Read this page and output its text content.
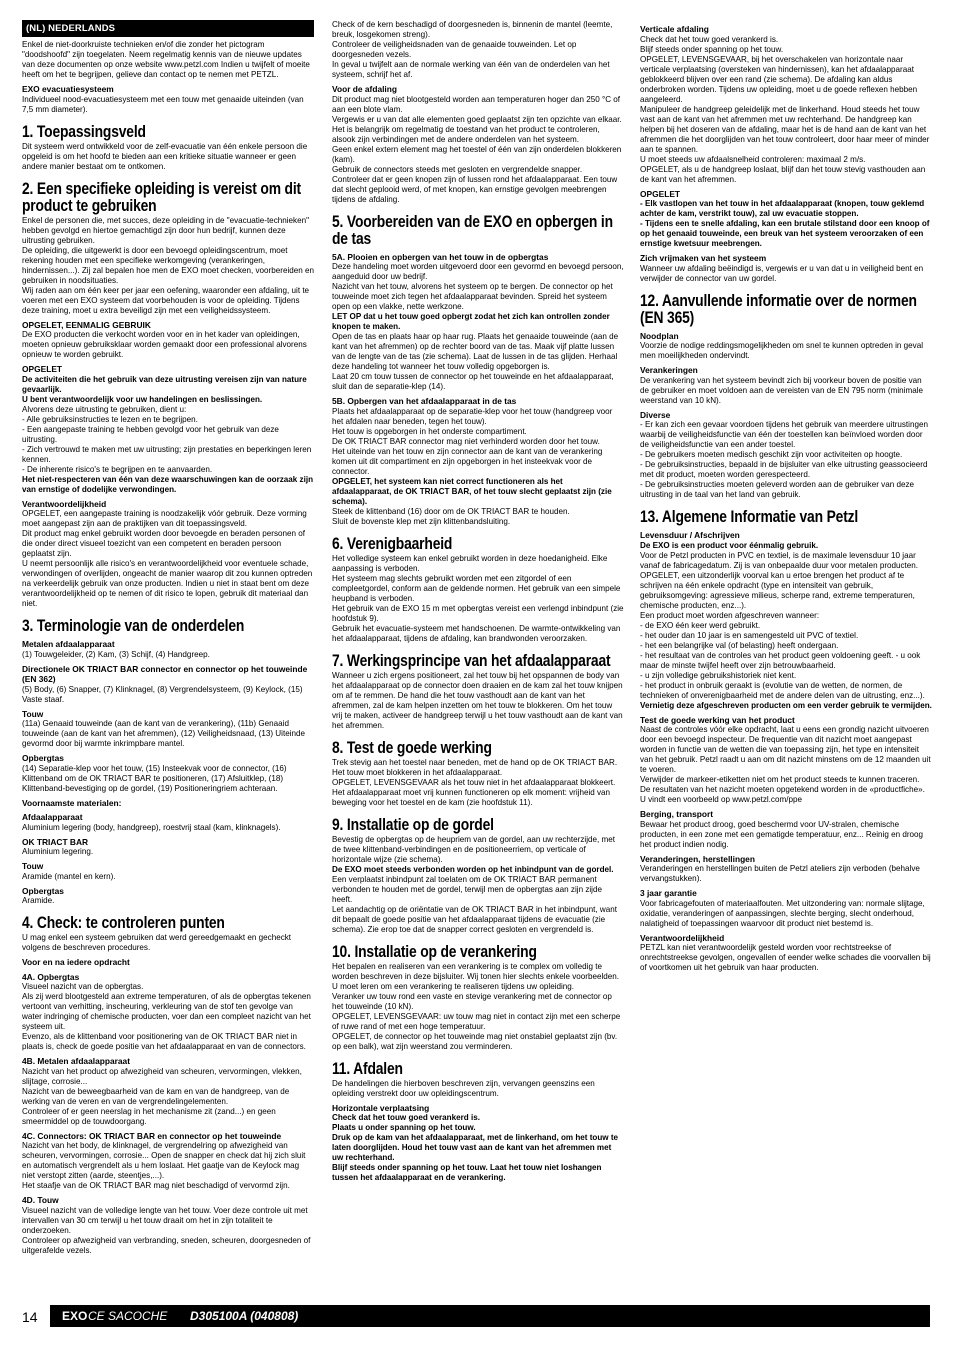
(NL) NEDERLANDS

Enkel de niet-doorkruiste technieken en/of die zonder het pictogram "doodshoofd" zijn toegelaten. Neem regelmatig kennis van de nieuwe updates van deze documenten op onze website www.petzl.com Indien u twijfelt of moeite heeft om het te begrijpen, gelieve dan contact op te nemen met PETZL.

EXO evacuatiesysteem

Individueel nood-evacuatiesysteem met een touw met genaaide uiteinden (van 7,5 mm diameter).

1. Toepassingsveld

Dit systeem werd ontwikkeld voor de zelf-evacuatie van één enkele persoon die opgeleid is om het hoofd te bieden aan een kritieke situatie wanneer er geen andere manier bestaat om te ontkomen.

2. Een specifieke opleiding is vereist om dit product te gebruiken

Enkel de personen die, met succes, deze opleiding in de "evacuatie-technieken" hebben gevolgd en hiertoe gemachtigd zijn door hun bedrijf, kunnen deze uitrusting gebruiken.
De opleiding, die uitgewerkt is door een bevoegd opleidingscentrum, moet rekening houden met een specifieke werkomgeving (verankeringen, hindernissen...). Zij zal bepalen hoe men de EXO moet checken, voorbereiden en gebruiken in noodsituaties.
Wij raden aan om één keer per jaar een oefening, waaronder een afdaling, uit te voeren met een EXO systeem dat voorbehouden is voor de opleiding. Tijdens deze training, moet u extra beveiligd zijn met een veiligheidssysteem.

OPGELET, EENMALIG GEBRUIK

De EXO producten die verkocht worden voor en in het kader van opleidingen, moeten opnieuw gebruiksklaar worden gemaakt door een professional alvorens opnieuw te worden gebruikt.

OPGELET

De activiteiten die het gebruik van deze uitrusting vereisen zijn van nature gevaarlijk.
U bent verantwoordelijk voor uw handelingen en beslissingen.

Alvorens deze uitrusting te gebruiken, dient u:
- Alle gebruiksinstructies te lezen en te begrijpen.
- Een aangepaste training te hebben gevolgd voor het gebruik van deze uitrusting.
- Zich vertrouwd te maken met uw uitrusting; zijn prestaties en beperkingen leren kennen.
- De inherente risico's te begrijpen en te aanvaarden.

Het niet-respecteren van één van deze waarschuwingen kan de oorzaak zijn van ernstige of dodelijke verwondingen.

Verantwoordelijkheid

OPGELET, een aangepaste training is noodzakelijk vóór gebruik. Deze vorming moet aangepast zijn aan de praktijken van dit toepassingsveld.
Dit product mag enkel gebruikt worden door bevoegde en beraden personen of die onder direct visueel toezicht van een competent en beraden persoon geplaatst zijn.
U neemt persoonlijk alle risico's en verantwoordelijkheid voor eventuele schade, verwondingen of overlijden, ongeacht de manier waarop dit zou kunnen optreden na verkeerdelijk gebruik van onze producten. Indien u niet in staat bent om deze verantwoordelijkheid op te nemen of dit risico te lopen, gebruik dit materiaal dan niet.

3. Terminologie van de onderdelen

Metalen afdaalapparaat

(1) Touwgeleider, (2) Kam, (3) Schijf, (4) Handgreep.

Directionele OK TRIACT BAR connector en connector op het touweinde (EN 362)

(5) Body, (6) Snapper, (7) Klinknagel, (8) Vergrendelsysteem, (9) Keylock, (15) Vaste staaf.

Touw

(11a) Genaaid touweinde (aan de kant van de verankering), (11b) Genaaid touweinde (aan de kant van het afremmen), (12) Veiligheidsnaad, (13) Uiteinde gevormd door bij warmte inkrimpbare mantel.

Opbergtas

(14) Separatie-klep voor het touw, (15) Insteekvak voor de connector, (16) Klittenband om de OK TRIACT BAR te positioneren, (17) Afsluitklep, (18) Klittenband-bevestiging op de gordel, (19) Positioneringriem achteraan.

Voornaamste materialen:

Afdaalapparaat

Aluminium legering (body, handgreep), roestvrij staal (kam, klinknagels).

OK TRIACT BAR

Aluminium legering.

Touw

Aramide (mantel en kern).

Opbergtas

Aramide.

4. Check: te controleren punten

U mag enkel een systeem gebruiken dat werd gereedgemaakt en gecheckt volgens de beschreven procedures.

Voor en na iedere opdracht

4A. Opbergtas

Visueel nazicht van de opbergtas.
Als zij werd blootgesteld aan extreme temperaturen, of als de opbergtas tekenen vertoont van verhitting, inscheuring, verkleuring van de stof ten gevolge van water indringing of chemische producten, voer dan een compleet nazicht van het systeem uit.
Evenzo, als de klittenband voor positionering van de OK TRIACT BAR niet in plaats is, check de goede positie van het afdaalapparaat en van de connectors.

4B. Metalen afdaalapparaat

Nazicht van het product op afwezigheid van scheuren, vervormingen, vlekken, slijtage, corrosie...
Nazicht van de beweegbaarheid van de kam en van de handgreep, van de werking van de veren en van de vergrendelingelementen.
Controleer of er geen neerslag in het mechanisme zit (zand...) en geen smeermiddel op de touwdoorgang.

4C. Connectors: OK TRIACT BAR en connector op het touweinde

Nazicht van het body, de klinknagel, de vergrendelring op afwezigheid van scheuren, vervormingen, corrosie... Open de snapper en check dat hij zich sluit en automatisch vergrendelt als u hem loslaat. Het gaatje van de Keylock mag niet verstopt zitten (aarde, steentjes,...).
Het staafje van de OK TRIACT BAR mag niet beschadigd of vervormd zijn.

4D. Touw

Visueel nazicht van de volledige lengte van het touw. Voer deze controle uit met intervallen van 30 cm terwijl u het touw draait om het in zijn totaliteit te onderzoeken.
Controleer op afwezigheid van verbranding, sneden, scheuren, doorgesneden of uitgerafelde vezels.

Check of de kern beschadigd of doorgesneden is, binnenin de mantel (leemte, breuk, losgekomen streng).
Controleer de veiligheidsnaden van de genaaide touweinden. Let op doorgesneden vezels.
In geval u twijfelt aan de normale werking van één van de onderdelen van het systeem, schrijf het af.

Voor de afdaling

Dit product mag niet blootgesteld worden aan temperaturen hoger dan 250 °C of aan een blote vlam.
Vergewis er u van dat alle elementen goed geplaatst zijn ten opzichte van elkaar. Het is belangrijk om regelmatig de toestand van het product te controleren, alsook zijn verbindingen met de andere onderdelen van het systeem.
Geen enkel extern element mag het toestel of één van zijn onderdelen blokkeren (kam).
Gebruik de connectors steeds met gesloten en vergrendelde snapper.
Controleer dat er geen knopen zijn of lussen rond het afdaalapparaat. Een touw dat slecht geplooid werd, of met knopen, kan ernstige gevolgen meebrengen tijdens de afdaling.

5. Voorbereiden van de EXO en opbergen in de tas

5A. Plooien en opbergen van het touw in de opbergtas

Deze handeling moet worden uitgevoerd door een gevormd en bevoegd persoon, aangeduid door uw bedrijf.
Nazicht van het touw, alvorens het systeem op te bergen. De connector op het touweinde moet zich tegen het afdaalapparaat bevinden. Spreid het systeem open op een vlakke, nette werkzone.

LET OP dat u het touw goed opbergt zodat het zich kan ontrollen zonder knopen te maken.

Open de tas en plaats haar op haar rug. Plaats het genaaide touweinde (aan de kant van het afremmen) op de rechter boord van de tas. Maak vijf platte lussen van de lengte van de tas (zie schema). Laat de lussen in de tas glijden. Herhaal deze handeling tot wanneer het touw volledig opgeborgen is.
Laat 20 cm touw tussen de connector op het touweinde en het afdaalapparaat, sluit dan de separatie-klep (14).

5B. Opbergen van het afdaalapparaat in de tas

Plaats het afdaalapparaat op de separatie-klep voor het touw (handgreep voor het afdalen naar beneden, tegen het touw).
Het touw is opgeborgen in het onderste compartiment.
De OK TRIACT BAR connector mag niet verhinderd worden door het touw.
Het uiteinde van het touw en zijn connector aan de kant van de verankering komen uit dit compartiment en zijn opgeborgen in het insteekvak voor de connector.

OPGELET, het systeem kan niet correct functioneren als het afdaalapparaat, de OK TRIACT BAR, of het touw slecht geplaatst zijn (zie schema).

Steek de klittenband (16) door om de OK TRIACT BAR te houden.
Sluit de bovenste klep met zijn klittenbandsluiting.

6. Verenigbaarheid

Het volledige systeem kan enkel gebruikt worden in deze hoedanigheid. Elke aanpassing is verboden.
Het systeem mag slechts gebruikt worden met een zitgordel of een compleetgordel, conform aan de geldende normen. Het gebruik van een simpele heupband is verboden.
Het gebruik van de EXO 15 m met opbergtas vereist een verlengd inbindpunt (zie hoofdstuk 9).
Gebruik het evacuatie-systeem met handschoenen. De warmte-ontwikkeling van het afdaalapparaat, tijdens de afdaling, kan brandwonden veroorzaken.

7. Werkingsprincipe van het afdaalapparaat

Wanneer u zich ergens positioneert, zal het touw bij het opspannen de body van het afdaalapparaat op de connector doen draaien en de kam zal het touw knijpen om af te remmen. De hand die het touw vasthoudt aan de kant van het afremmen, zal de kam helpen inzetten om het touw te blokkeren. Om het touw vrij te maken, activeer de handgreep terwijl u het touw vasthoudt aan de kant van het afremmen.

8. Test de goede werking

Trek stevig aan het toestel naar beneden, met de hand op de OK TRIACT BAR. Het touw moet blokkeren in het afdaalapparaat.
OPGELET, LEVENSGEVAAR als het touw niet in het afdaalapparaat blokkeert.
Het afdaalapparaat moet vrij kunnen functioneren op elk moment: vrijheid van beweging voor het toestel en de kam (zie hoofdstuk 11).

9. Installatie op de gordel

Bevestig de opbergtas op de heupriem van de gordel, aan uw rechterzijde, met de twee klittenband-verbindingen en de positioneerriem, op verticale of horizontale wijze (zie schema).

De EXO moet steeds verbonden worden op het inbindpunt van de gordel.

Een verplaatst inbindpunt zal toelaten om de OK TRIACT BAR permanent verbonden te houden met de gordel, terwijl men de opbergtas aan zijn zijde heeft.
Let aandachtig op de oriëntatie van de OK TRIACT BAR in het inbindpunt, want dit bepaalt de goede positie van het afdaalapparaat tijdens de evacuatie (zie schema). Zie erop toe dat de snapper correct gesloten en vergrendeld is.

10. Installatie op de verankering

Het bepalen en realiseren van een verankering is te complex om volledig te worden beschreven in deze bijsluiter. Wij tonen hier slechts enkele voorbeelden.
U moet leren om een verankering te realiseren tijdens uw opleiding.
Veranker uw touw rond een vaste en stevige verankering met de connector op het touweinde (10 kN).
OPGELET, LEVENSGEVAAR: uw touw mag niet in contact zijn met een scherpe of ruwe rand of met een hoge temperatuur.
OPGELET, de connector op het touweinde mag niet onstabiel geplaatst zijn (bv. op een balk), wat zijn weerstand zou verminderen.

11. Afdalen

De handelingen die hierboven beschreven zijn, vervangen geenszins een opleiding verstrekt door uw opleidingscentrum.

Horizontale verplaatsing

Check dat het touw goed verankerd is.
Plaats u onder spanning op het touw.
Druk op de kam van het afdaalapparaat, met de linkerhand, om het touw te laten doorglijden. Houd het touw vast aan de kant van het afremmen met uw rechterhand.
Blijf steeds onder spanning op het touw. Laat het touw niet loshangen tussen het afdaalapparaat en de verankering.

Verticale afdaling

Check dat het touw goed verankerd is.
Blijf steeds onder spanning op het touw.
OPGELET, LEVENSGEVAAR, bij het overschakelen van horizontale naar verticale verplaatsing (oversteken van hindernissen), kan het afdaalapparaat geblokkeerd blijven over een rand (zie schema). De afdaling kan aldus onderbroken worden. Tijdens uw opleiding, moet u de goede reflexen hebben aangeleerd.
Manipuleer de handgreep geleidelijk met de linkerhand. Houd steeds het touw vast aan de kant van het afremmen met uw rechterhand. De handgreep kan helpen bij het doseren van de afdaling, maar het is de hand aan de kant van het afremmen die het doorglijden van het touw controleert, door haar meer of minder aan te spannen.
U moet steeds uw afdaalsnelheid controleren: maximaal 2 m/s.
OPGELET, als u de handgreep loslaat, blijf dan het touw stevig vasthouden aan de kant van het afremmen.

OPGELET

- Elk vastlopen van het touw in het afdaalapparaat (knopen, touw geklemd achter de kam, verstrikt touw), zal uw evacuatie stoppen.
- Tijdens een te snelle afdaling, kan een brutale stilstand door een knoop of op het genaaid touweinde, een breuk van het systeem veroorzaken of een ernstige kwetsuur meebrengen.

Zich vrijmaken van het systeem

Wanneer uw afdaling beëindigd is, vergewis er u van dat u in veiligheid bent en verwijder de connector van uw gordel.

12. Aanvullende informatie over de normen (EN 365)

Noodplan

Voorzie de nodige reddingsmogelijkheden om snel te kunnen optreden in geval men moeilijkheden ondervindt.

Verankeringen

De verankering van het systeem bevindt zich bij voorkeur boven de positie van de gebruiker en moet voldoen aan de vereisten van de EN 795 norm (minimale weerstand van 10 kN).

Diverse

- Er kan zich een gevaar voordoen tijdens het gebruik van meerdere uitrustingen waarbij de veiligheidsfunctie van één der toestellen kan beïnvloed worden door de veiligheidsfunctie van een ander toestel.
- De gebruikers moeten medisch geschikt zijn voor activiteiten op hoogte.
- De gebruiksinstructies, bepaald in de bijsluiter van elke uitrusting geassocieerd met dit product, moeten worden gerespecteerd.
- De gebruiksinstructies moeten geleverd worden aan de gebruiker van deze uitrusting in de taal van het land van gebruik.

13. Algemene Informatie van Petzl

Levensduur / Afschrijven

De EXO is een product voor éénmalig gebruik.

Voor de Petzl producten in PVC en textiel, is de maximale levensduur 10 jaar vanaf de fabricagedatum. Zij is van onbepaalde duur voor metalen producten.
OPGELET, een uitzonderlijk voorval kan u ertoe brengen het product af te schrijven na één enkele opdracht (type en intensiteit van gebruik, gebruiksomgeving: agressieve milieus, scherpe rand, extreme temperaturen, chemische producten, enz...).
Een product moet worden afgeschreven wanneer:
- de EXO één keer werd gebruikt.
- het ouder dan 10 jaar is en samengesteld uit PVC of textiel.
- het een belangrijke val (of belasting) heeft ondergaan.
- het resultaat van de controles van het product geen voldoening geeft. - u ook maar de minste twijfel heeft over zijn betrouwbaarheid.
- u zijn volledige gebruikshistoriek niet kent.
- het product in onbruik geraakt is (evolutie van de wetten, de normen, de technieken of onverenigbaarheid met de andere delen van de uitrusting, enz...).

Vernietig deze afgeschreven producten om een verder gebruik te vermijden.

Test de goede werking van het product

Naast de controles vóór elke opdracht, laat u eens een grondig nazicht uitvoeren door een bevoegd inspecteur. De frequentie van dit nazicht moet aangepast worden in functie van de wetten die van toepassing zijn, het type en intensiteit van het gebruik. Petzl raadt u aan om dit nazicht minstens om de 12 maanden uit te voeren.
Verwijder de markeer-etiketten niet om het product steeds te kunnen traceren.
De resultaten van het nazicht moeten opgetekend worden in de «productfiche».
U vindt een voorbeeld op www.petzl.com/ppe

Berging, transport

Bewaar het product droog, goed beschermd voor UV-stralen, chemische producten, in een zone met een gematigde temperatuur, enz... Reinig en droog het product indien nodig.

Veranderingen, herstellingen

Veranderingen en herstellingen buiten de Petzl ateliers zijn verboden (behalve vervangstukken).

3 jaar garantie

Voor fabricagefouten of materiaalfouten. Met uitzondering van: normale slijtage, oxidatie, veranderingen of aanpassingen, slechte berging, slecht onderhoud, nalatigheid of toepassingen waarvoor dit product niet bestemd is.

Verantwoordelijkheid

PETZL kan niet verantwoordelijk gesteld worden voor rechtstreekse of onrechtstreekse gevolgen, ongevallen of eender welke schades die voorvallen bij of voortkomen uit het gebruik van haar producten.

14 EXO CE SACOCHE D305100A (040808)
